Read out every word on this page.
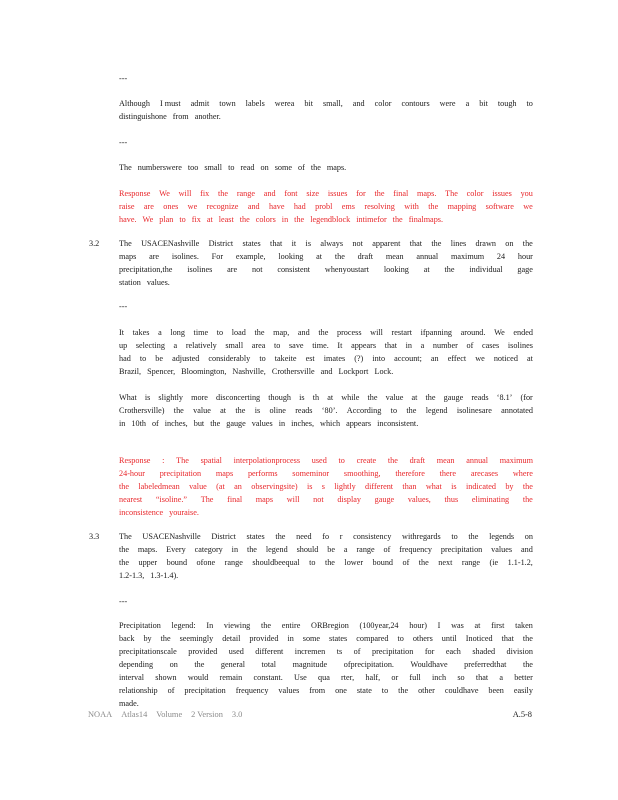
---
Although I must admit town labels werea bit small, and color contours were a bit tough to
distinguishone from another.
---
The numberswere too small to read on some of the maps.
Response We will fix the range and font size issues for the final maps. The color issues you
raise are ones we recognize and have had probl ems resolving with the mapping software we
have. We plan to fix at least the colors in the legendblock intimefor the finalmaps.
3.2 The USACENashville District states that it is always not apparent that the lines drawn on the
maps are isolines. For example, looking at the draft mean annual maximum 24 hour
precipitation,the isolines are not consistent whenyoustart looking at the individual gage
station values.
---
It takes a long time to load the map, and the process will restart ifpanning around. We ended
up selecting a relatively small area to save time. It appears that in a number of cases isolines
had to be adjusted considerably to takeite est imates (?) into account; an effect we noticed at
Brazil, Spencer, Bloomington, Nashville, Crothersville and Lockport Lock.
What is slightly more disconcerting though is th at while the value at the gauge reads ‘8.1’ (for
Crothersville) the value at the is oline reads ‘80’. According to the legend isolinesare annotated
in 10th of inches, but the gauge values in inches, which appears inconsistent.
Response : The spatial interpolationprocess used to create the draft mean annual maximum
24-hour precipitation maps performs someminor smoothing, therefore there arecases where
the labeledmean value (at an observingsite) is s lightly different than what is indicated by the
nearest “isoline.” The final maps will not display gauge values, thus eliminating the
inconsistence youraise.
3.3 The USACENashville District states the need fo r consistency withregards to the legends on
the maps. Every category in the legend should be a range of frequency precipitation values and
the upper bound ofone range shouldbeequal to the lower bound of the next range (ie 1.1-1.2,
1.2-1.3, 1.3-1.4).
---
Precipitation legend: In viewing the entire ORBregion (100year,24 hour) I was at first taken
back by the seemingly detail provided in some states compared to others until Inoticed that the
precipitationscale provided used different incremen ts of precipitation for each shaded division
depending on the general total magnitude ofprecipitation. Wouldhave preferredthat the
interval shown would remain constant. Use qua rter, half, or full inch so that a better
relationship of precipitation frequency values from one state to the other couldhave been easily
made.
NOAA Atlas14 Volume 2 Version 3.0	A.5-8
